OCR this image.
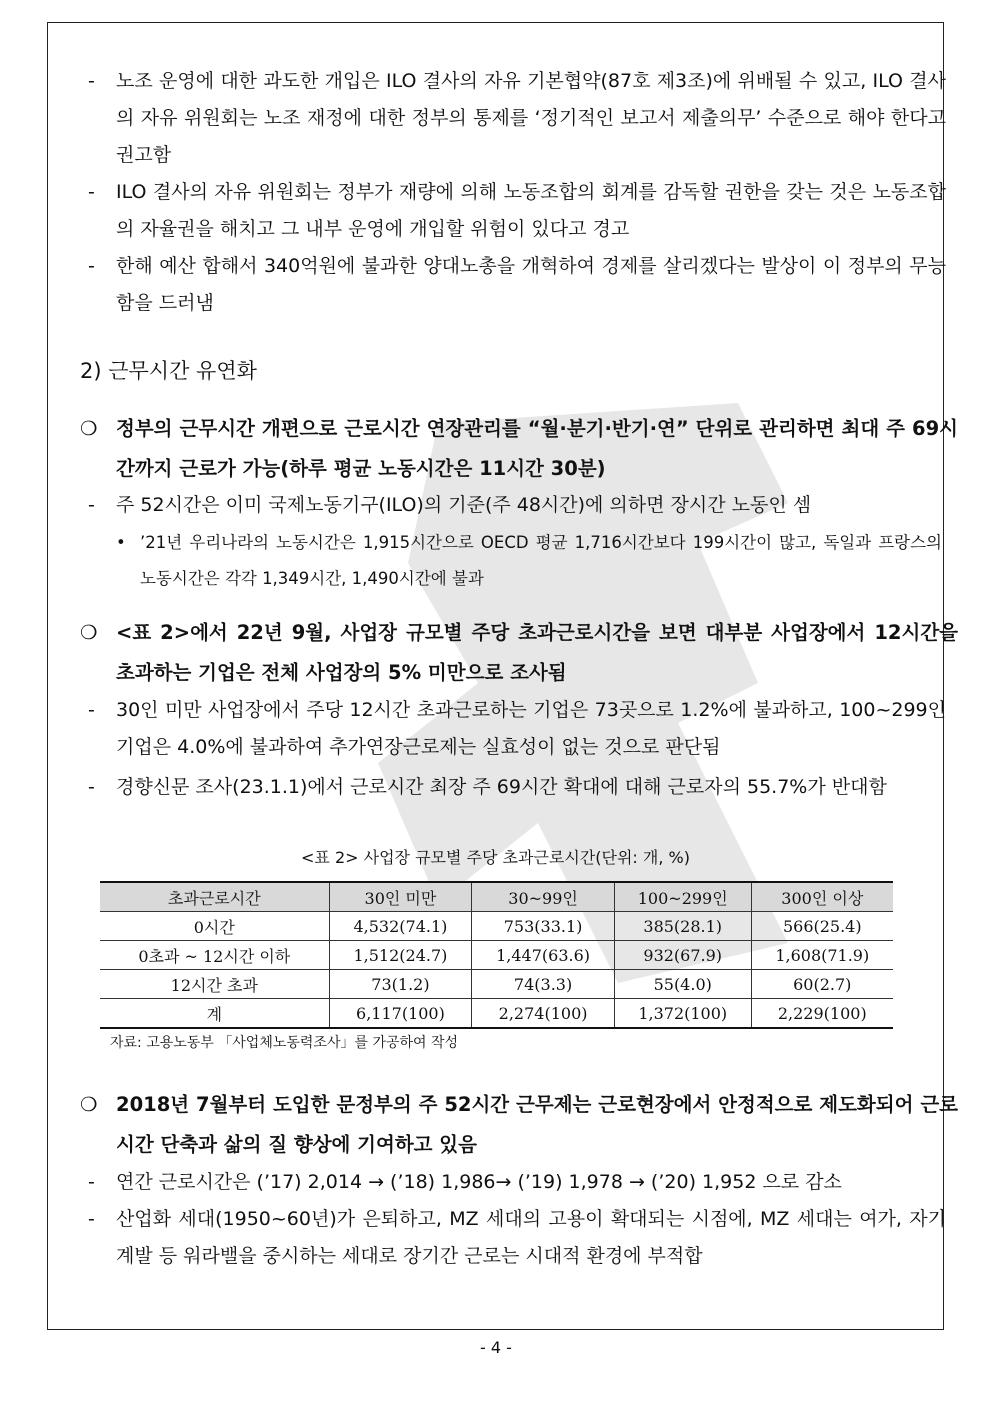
- 노조 운영에 대한 과도한 개입은 ILO 결사의 자유 기본협약(87호 제3조)에 위배될 수 있고, ILO 결사의 자유 위원회는 노조 재정에 대한 정부의 통제를 ‘정기적인 보고서 제출의무’ 수준으로 해야 한다고 권고함
- ILO 결사의 자유 위원회는 정부가 재량에 의해 노동조합의 회계를 감독할 권한을 갖는 것은 노동조합의 자율권을 해치고 그 내부 운영에 개입할 위험이 있다고 경고
- 한해 예산 합해서 340억원에 불과한 양대노총을 개혁하여 경제를 살리겠다는 발상이 이 정부의 무능함을 드러냄
2) 근무시간 유연화
❍ 정부의 근무시간 개편으로 근로시간 연장관리를 “월·분기·반기·연” 단위로 관리하면 최대 주 69시간까지 근로가 가능(하루 평균 노동시간은 11시간 30분)
- 주 52시간은 이미 국제노동기구(ILO)의 기준(주 48시간)에 의하면 장시간 노동인 셈
• ’21년 우리나라의 노동시간은 1,915시간으로 OECD 평균 1,716시간보다 199시간이 많고, 독일과 프랑스의 노동시간은 각각 1,349시간, 1,490시간에 불과
❍ <표 2>에서 22년 9월, 사업장 규모별 주당 초과근로시간을 보면 대부분 사업장에서 12시간을 초과하는 기업은 전체 사업장의 5% 미만으로 조사됨
- 30인 미만 사업장에서 주당 12시간 초과근로하는 기업은 73곳으로 1.2%에 불과하고, 100~299인 기업은 4.0%에 불과하여 추가연장근로제는 실효성이 없는 것으로 판단됨
- 경향신문 조사(23.1.1)에서 근로시간 최장 주 69시간 확대에 대해 근로자의 55.7%가 반대함
<표 2> 사업장 규모별 주당 초과근로시간(단위: 개, %)
초과근로시간	30인 미만	30~99인	100~299인	300인 이상
0시간	4,532(74.1)	753(33.1)	385(28.1)	566(25.4)
0초과 ~ 12시간 이하	1,512(24.7)	1,447(63.6)	932(67.9)	1,608(71.9)
12시간 초과	73(1.2)	74(3.3)	55(4.0)	60(2.7)
계	6,117(100)	2,274(100)	1,372(100)	2,229(100)
자료: 고용노동부 「사업체노동력조사」를 가공하여 작성
❍ 2018년 7월부터 도입한 문정부의 주 52시간 근무제는 근로현장에서 안정적으로 제도화되어 근로시간 단축과 삶의 질 향상에 기여하고 있음
- 연간 근로시간은 (’17) 2,014 → (’18) 1,986→ (’19) 1,978 → (’20) 1,952 으로 감소
- 산업화 세대(1950~60년)가 은퇴하고, MZ 세대의 고용이 확대되는 시점에, MZ 세대는 여가, 자기계발 등 워라밸을 중시하는 세대로 장기간 근로는 시대적 환경에 부적합
- 4 -
